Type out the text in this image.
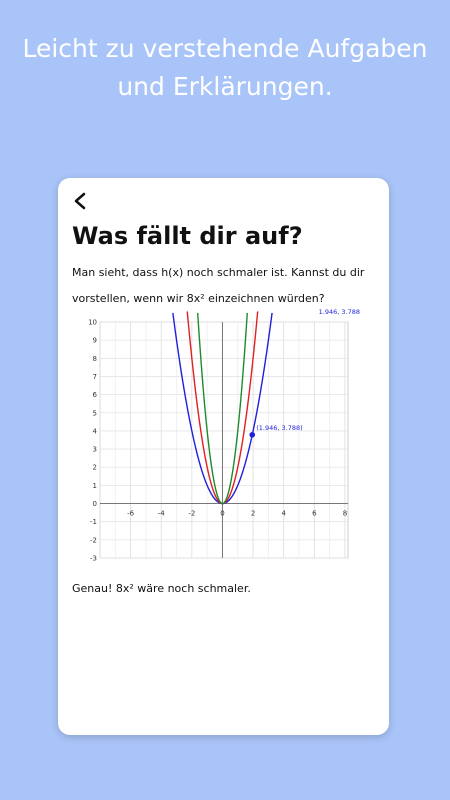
Leicht zu verstehende Aufgaben
und Erklärungen.
Was fällt dir auf?
Man sieht, dass h(x) noch schmaler ist. Kannst du dir vorstellen, wenn wir 8x² einzeichnen würden?
-6	-4	-2	0	2	4	6	8
-3
-2
-1
0
1
2
3
4
5
6
7
8
9
10
(1.946, 3.788)
1.946, 3.788
Genau! 8x² wäre noch schmaler.
